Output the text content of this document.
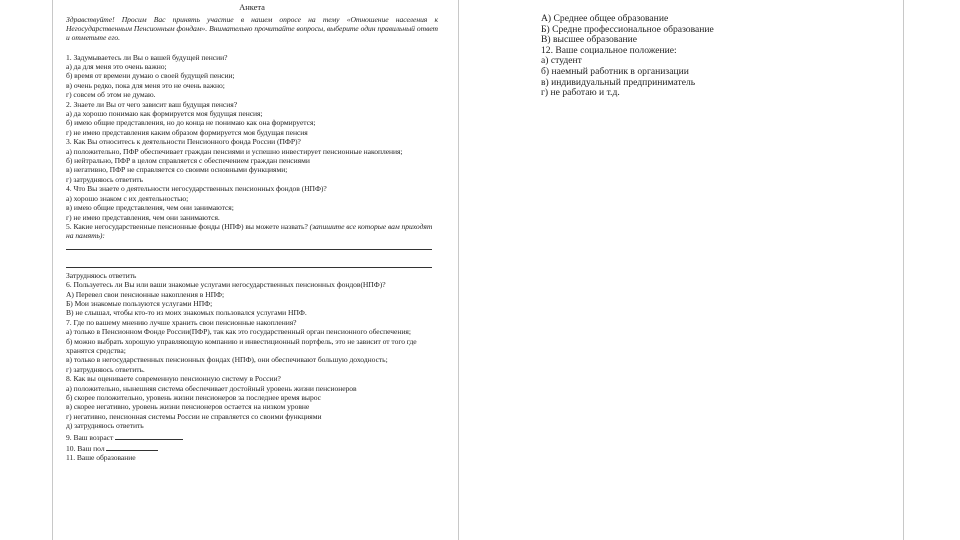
Анкета
Здравствуйте! Просим Вас принять участие в нашем опросе на тему «Отношение населения к Негосударственным Пенсионным фондам». Внимательно прочитайте вопросы, выберите один правильный ответ и отметьте его.
1. Задумываетесь ли Вы о вашей будущей пенсии?
а) да для меня это очень важно;
б) время от времени думаю о своей будущей пенсии;
в) очень редко, пока для меня это не очень важно;
г) совсем об этом не думаю.
2. Знаете ли Вы от чего зависит ваш будущая пенсия?
а) да хорошо понимаю как формируется моя будущая пенсия;
б) имею общие представления, но до конца не понимаю как она формируется;
г) не имею представления каким образом формируется моя будущая пенсия
3. Как Вы относитесь к деятельности Пенсионного фонда России (ПФР)?
а) положительно, ПФР обеспечивает граждан пенсиями и успешно инвестирует пенсионные накопления;
б) нейтрально, ПФР в целом справляется с обеспечением граждан пенсиями
в) негативно, ПФР не справляется со своими основными функциями;
г) затрудняюсь ответить
4. Что Вы знаете о деятельности негосударственных пенсионных фондов (НПФ)?
а) хорошо знаком с их деятельностью;
в) имею общие представления, чем они занимаются;
г) не имею представления, чем они занимаются.
5. Какие негосударственные пенсионные фонды (НПФ) вы можете назвать? (запишите все которые вам приходят на память):
Затрудняюсь ответить
6. Пользуетесь ли Вы или ваши знакомые услугами негосударственных пенсионных фондов(НПФ)?
А) Перевел свои пенсионные накопления в НПФ;
Б) Мои знакомые пользуются услугами НПФ;
В) не слышал, чтобы кто-то из моих знакомых пользовался услугами НПФ.
7. Где по вашему мнению лучше хранить свои пенсионные накопления?
а) только в Пенсионном Фонде России(ПФР), так как это государственный орган пенсионного обеспечения;
б) можно выбрать хорошую управляющую компанию и инвестиционный портфель, это не зависит от того где хранятся средства;
в) только в негосударственных пенсионных фондах (НПФ), они обеспечивают большую доходность;
г) затрудняюсь ответить.
8. Как вы оцениваете современную пенсионную систему в России?
а) положительно, нынешняя система обеспечивает достойный уровень жизни пенсионеров
б) скорее положительно, уровень жизни пенсионеров за последнее время вырос
в) скорее негативно, уровень жизни пенсионеров остается на низком уровне
г) негативно, пенсионная системы России не справляется со своими функциями
д) затрудняюсь ответить
9. Ваш возраст
10. Ваш пол
11. Ваше образование
А) Среднее общее образование
Б) Средне профессиональное образование
В) высшее образование
12. Ваше социальное положение:
а) студент
б) наемный работник в организации
в) индивидуальный предприниматель
г) не работаю и т.д.
